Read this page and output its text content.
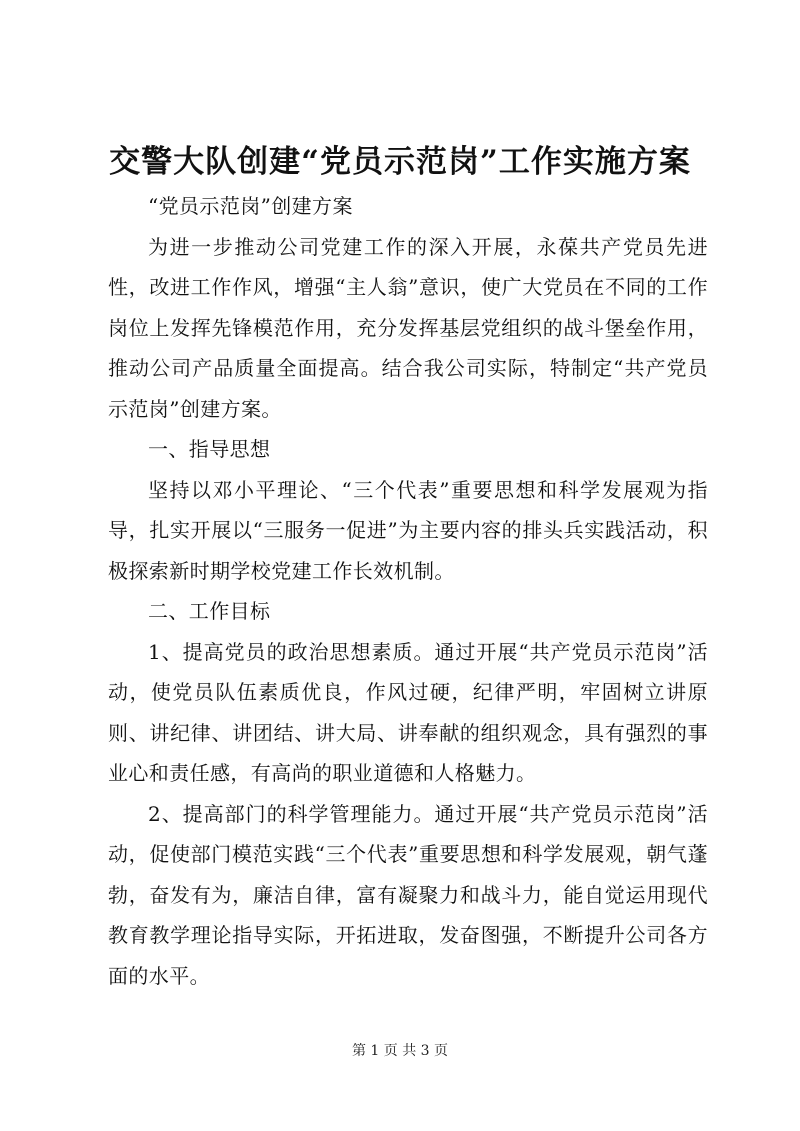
交警大队创建“党员示范岗”工作实施方案

“党员示范岗”创建方案

为进一步推动公司党建工作的深入开展，永葆共产党员先进性，改进工作作风，增强“主人翁”意识，使广大党员在不同的工作岗位上发挥先锋模范作用，充分发挥基层党组织的战斗堡垒作用，推动公司产品质量全面提高。结合我公司实际，特制定“共产党员示范岗”创建方案。

一、指导思想

坚持以邓小平理论、“三个代表”重要思想和科学发展观为指导，扎实开展以“三服务一促进”为主要内容的排头兵实践活动，积极探索新时期学校党建工作长效机制。

二、工作目标

1、提高党员的政治思想素质。通过开展“共产党员示范岗”活动，使党员队伍素质优良，作风过硬，纪律严明，牢固树立讲原则、讲纪律、讲团结、讲大局、讲奉献的组织观念，具有强烈的事业心和责任感，有高尚的职业道德和人格魅力。

2、提高部门的科学管理能力。通过开展“共产党员示范岗”活动，促使部门模范实践“三个代表”重要思想和科学发展观，朝气蓬勃，奋发有为，廉洁自律，富有凝聚力和战斗力，能自觉运用现代教育教学理论指导实际，开拓进取，发奋图强，不断提升公司各方面的水平。

第 1 页 共 3 页
